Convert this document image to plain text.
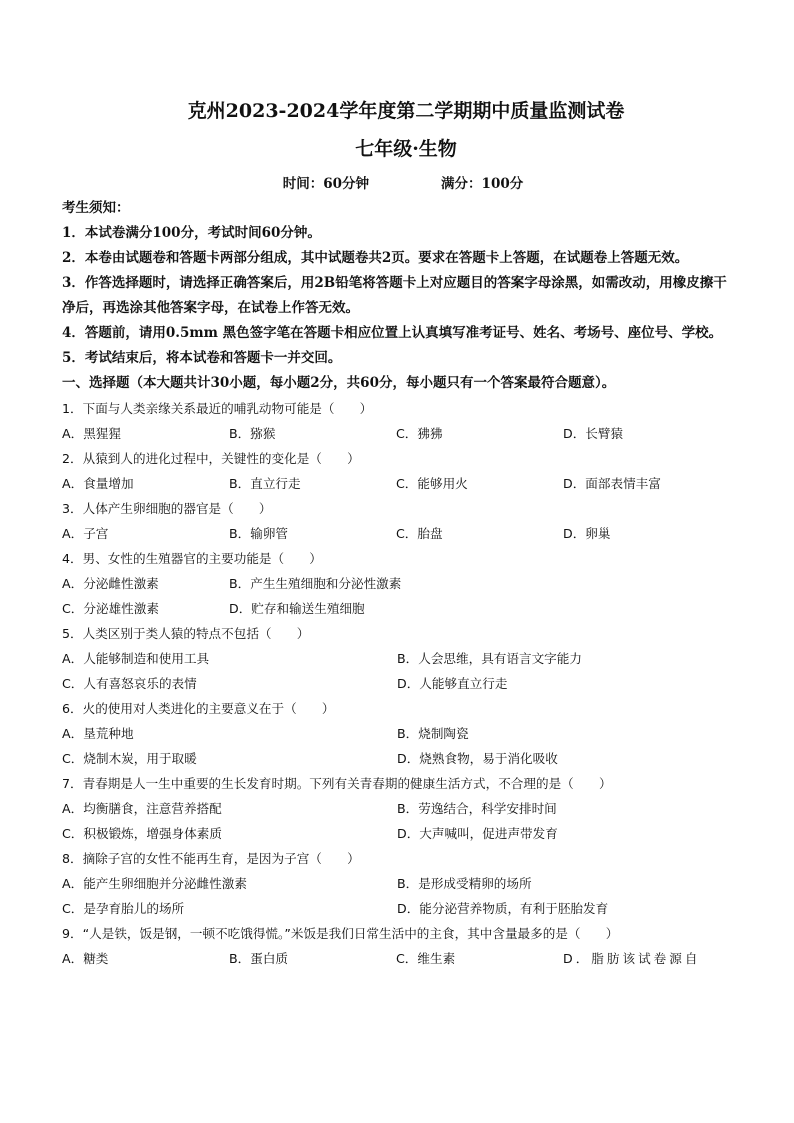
克州2023-2024学年度第二学期期中质量监测试卷
七年级·生物
时间：60分钟	满分：100分
考生须知：
1．本试卷满分100分，考试时间60分钟。
2．本卷由试题卷和答题卡两部分组成，其中试题卷共2页。要求在答题卡上答题，在试题卷上答题无效。
3．作答选择题时，请选择正确答案后，用2B铅笔将答题卡上对应题目的答案字母涂黑，如需改动，用橡皮擦干净后，再选涂其他答案字母，在试卷上作答无效。
4．答题前，请用0.5mm 黑色签字笔在答题卡相应位置上认真填写准考证号、姓名、考场号、座位号、学校。
5．考试结束后，将本试卷和答题卡一并交回。
一、选择题（本大题共计30小题，每小题2分，共60分，每小题只有一个答案最符合题意）。
1．下面与人类亲缘关系最近的哺乳动物可能是（　　）
A．黑猩猩	B．猕猴	C．狒狒	D．长臂猿
2．从猿到人的进化过程中，关键性的变化是（　　）
A．食量增加	B．直立行走	C．能够用火	D．面部表情丰富
3．人体产生卵细胞的器官是（　　）
A．子宫	B．输卵管	C．胎盘	D．卵巢
4．男、女性的生殖器官的主要功能是（　　）
A．分泌雌性激素	B．产生生殖细胞和分泌性激素
C．分泌雄性激素	D．贮存和输送生殖细胞
5．人类区别于类人猿的特点不包括（　　）
A．人能够制造和使用工具	B．人会思维，具有语言文字能力
C．人有喜怒哀乐的表情	D．人能够直立行走
6．火的使用对人类进化的主要意义在于（　　）
A．垦荒种地	B．烧制陶瓷
C．烧制木炭，用于取暖	D．烧熟食物，易于消化吸收
7．青春期是人一生中重要的生长发育时期。下列有关青春期的健康生活方式，不合理的是（　　）
A．均衡膳食，注意营养搭配	B．劳逸结合，科学安排时间
C．积极锻炼，增强身体素质	D．大声喊叫，促进声带发育
8．摘除子宫的女性不能再生育，是因为子宫（　　）
A．能产生卵细胞并分泌雌性激素	B．是形成受精卵的场所
C．是孕育胎儿的场所	D．能分泌营养物质，有利于胚胎发育
9．“人是铁，饭是钢，一顿不吃饿得慌。”米饭是我们日常生活中的主食，其中含量最多的是（　　）
A．糖类	B．蛋白质	C．维生素	D．脂肪该试卷源自
